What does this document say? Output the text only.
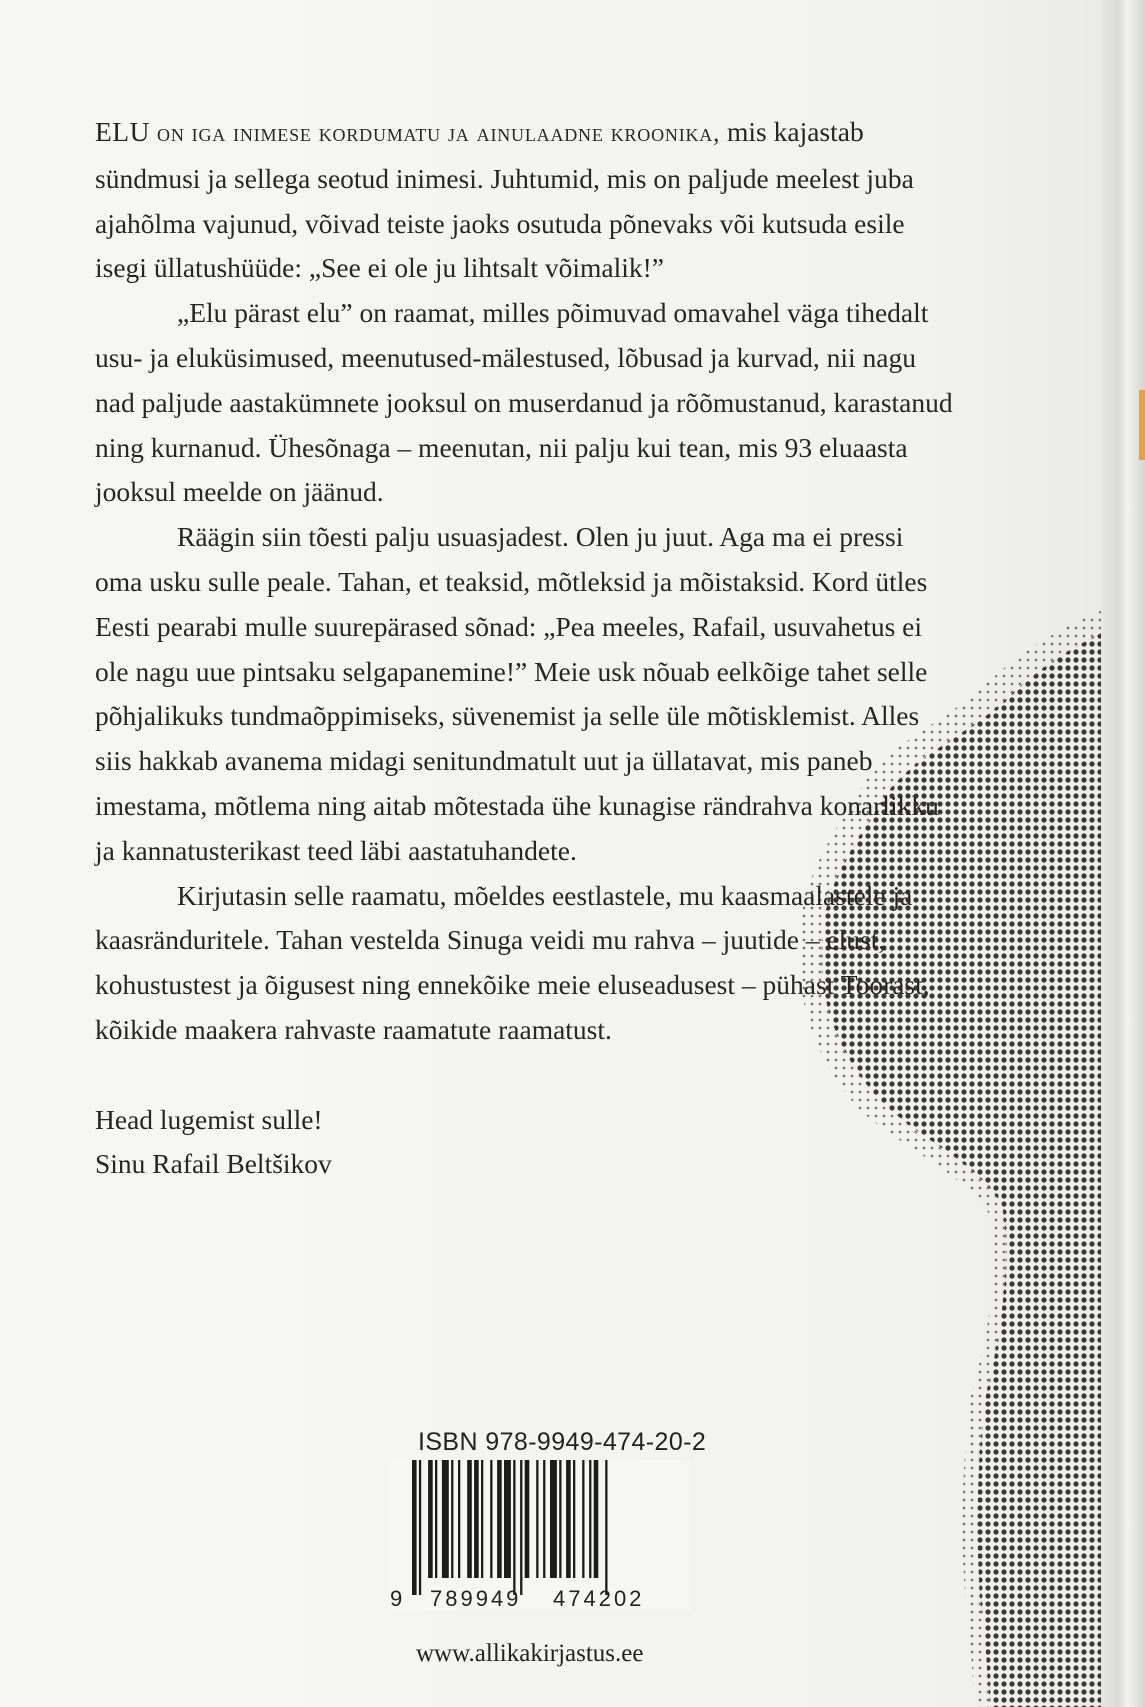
ELU on iga inimese kordumatu ja ainulaadne kroonika, mis kajastab sündmusi ja sellega seotud inimesi. Juhtumid, mis on paljude meelest juba ajahõlma vajunud, võivad teiste jaoks osutuda põnevaks või kutsuda esile isegi üllatushüüde: „See ei ole ju lihtsalt võimalik!”

„Elu pärast elu” on raamat, milles põimuvad omavahel väga tihedalt usu- ja eluküsimused, meenutused-mälestused, lõbusad ja kurvad, nii nagu nad paljude aastakümnete jooksul on muserdanud ja rõõmustanud, karastanud ning kurnanud. Ühesõnaga – meenutan, nii palju kui tean, mis 93 eluaasta jooksul meelde on jäänud.

Räägin siin tõesti palju usuasjadest. Olen ju juut. Aga ma ei pressi oma usku sulle peale. Tahan, et teaksid, mõtleksid ja mõistaksid. Kord ütles Eesti pearabi mulle suurepärased sõnad: „Pea meeles, Rafail, usuvahetus ei ole nagu uue pintsaku selgapanemine!” Meie usk nõuab eelkõige tahet selle põhjalikuks tundmaõppimiseks, süvenemist ja selle üle mõtisklemist. Alles siis hakkab avanema midagi senitundmatult uut ja üllatavat, mis paneb imestama, mõtlema ning aitab mõtestada ühe kunagise rändrahva konarlikku ja kannatusterikast teed läbi aastatuhandete.

Kirjutasin selle raamatu, mõeldes eestlastele, mu kaasmaalastele ja kaasränduritele. Tahan vestelda Sinuga veidi mu rahva – juutide – elust, kohustustest ja õigusest ning ennekõike meie eluseadusest – pühast Toorast, kõikide maakera rahvaste raamatute raamatust.

Head lugemist sulle!
Sinu Rafail Beltšikov
ISBN 978-9949-474-20-2
9 789949 474202
www.allikakirjastus.ee
